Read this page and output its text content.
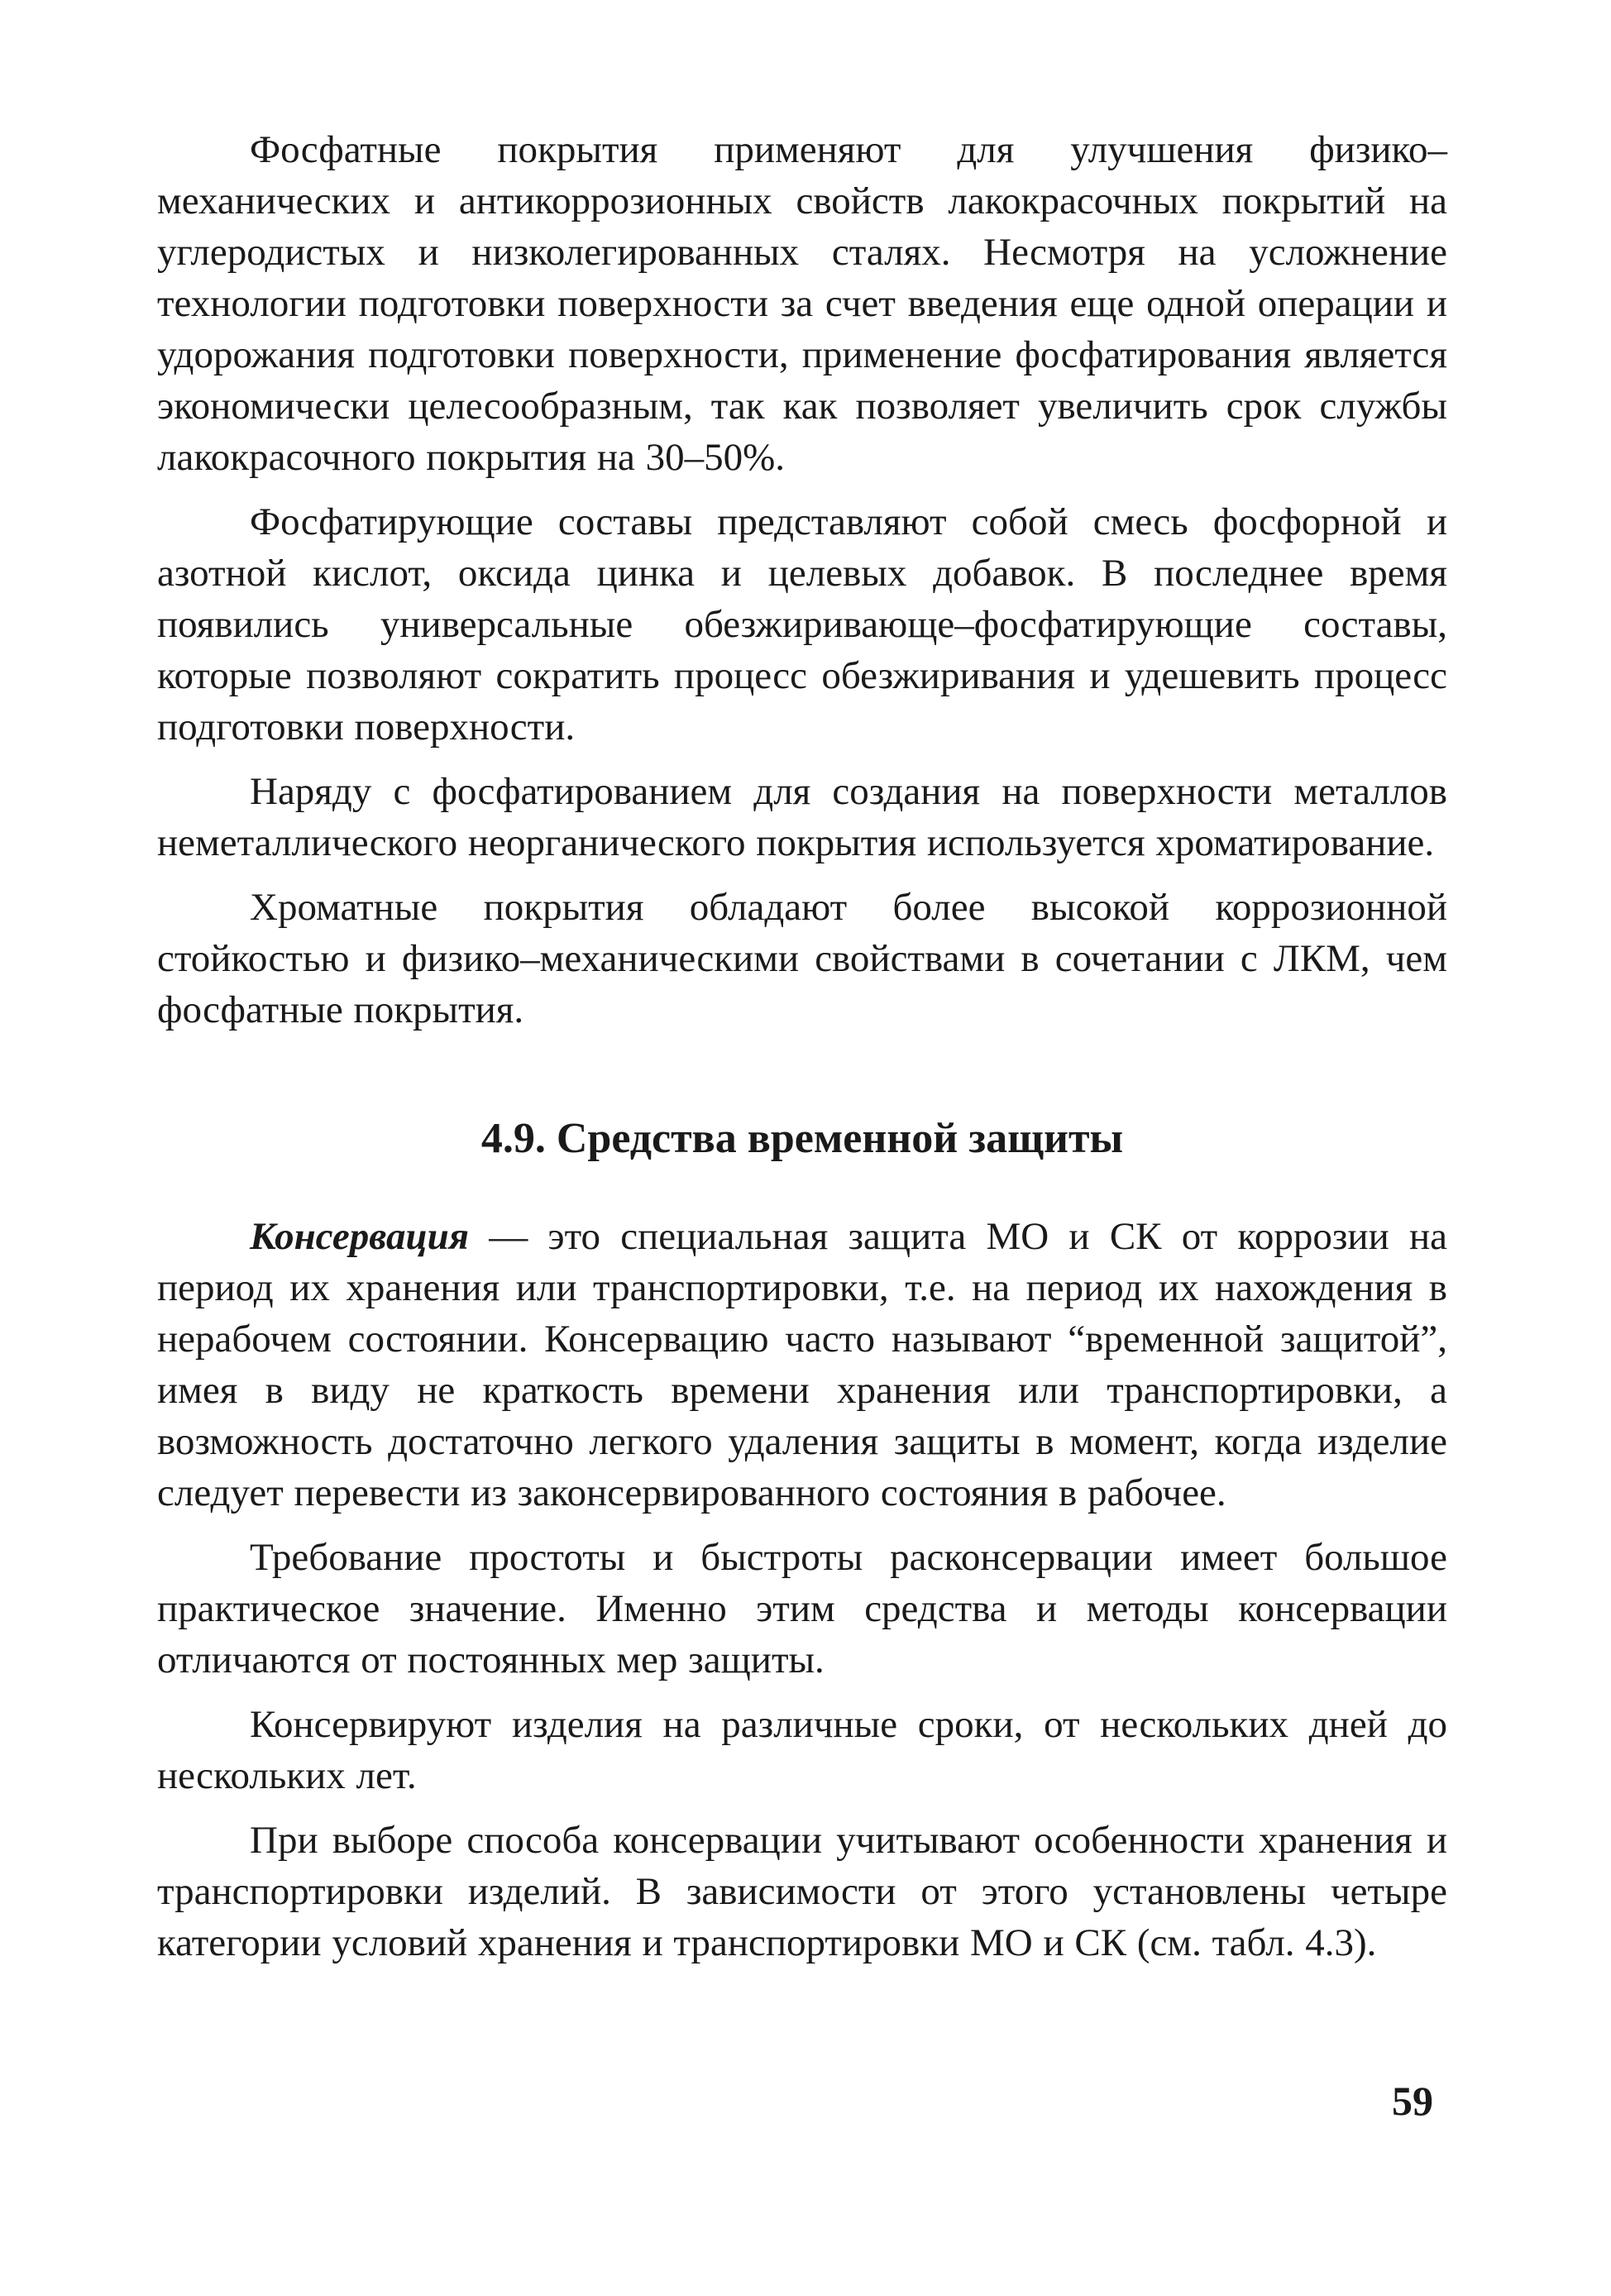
Фосфатные покрытия применяют для улучшения физико–механических и антикоррозионных свойств лакокрасочных покрытий на углеродистых и низколегированных сталях. Несмотря на усложнение технологии подготовки поверхности за счет введения еще одной операции и удорожания подготовки поверхности, применение фосфатирования является экономически целесообразным, так как позволяет увеличить срок службы лакокрасочного покрытия на 30–50%.

Фосфатирующие составы представляют собой смесь фосфорной и азотной кислот, оксида цинка и целевых добавок. В последнее время появились универсальные обезжиривающе–фосфатирующие составы, которые позволяют сократить процесс обезжиривания и удешевить процесс подготовки поверхности.

Наряду с фосфатированием для создания на поверхности металлов неметаллического неорганического покрытия используется хроматирование.

Хроматные покрытия обладают более высокой коррозионной стойкостью и физико–механическими свойствами в сочетании с ЛКМ, чем фосфатные покрытия.

4.9. Средства временной защиты

Консервация — это специальная защита МО и СК от коррозии на период их хранения или транспортировки, т.е. на период их нахождения в нерабочем состоянии. Консервацию часто называют “временной защитой”, имея в виду не краткость времени хранения или транспортировки, а возможность достаточно легкого удаления защиты в момент, когда изделие следует перевести из законсервированного состояния в рабочее.

Требование простоты и быстроты расконсервации имеет большое практическое значение. Именно этим средства и методы консервации отличаются от постоянных мер защиты.

Консервируют изделия на различные сроки, от нескольких дней до нескольких лет.

При выборе способа консервации учитывают особенности хранения и транспортировки изделий. В зависимости от этого установлены четыре категории условий хранения и транспортировки МО и СК (см. табл. 4.3).

59
